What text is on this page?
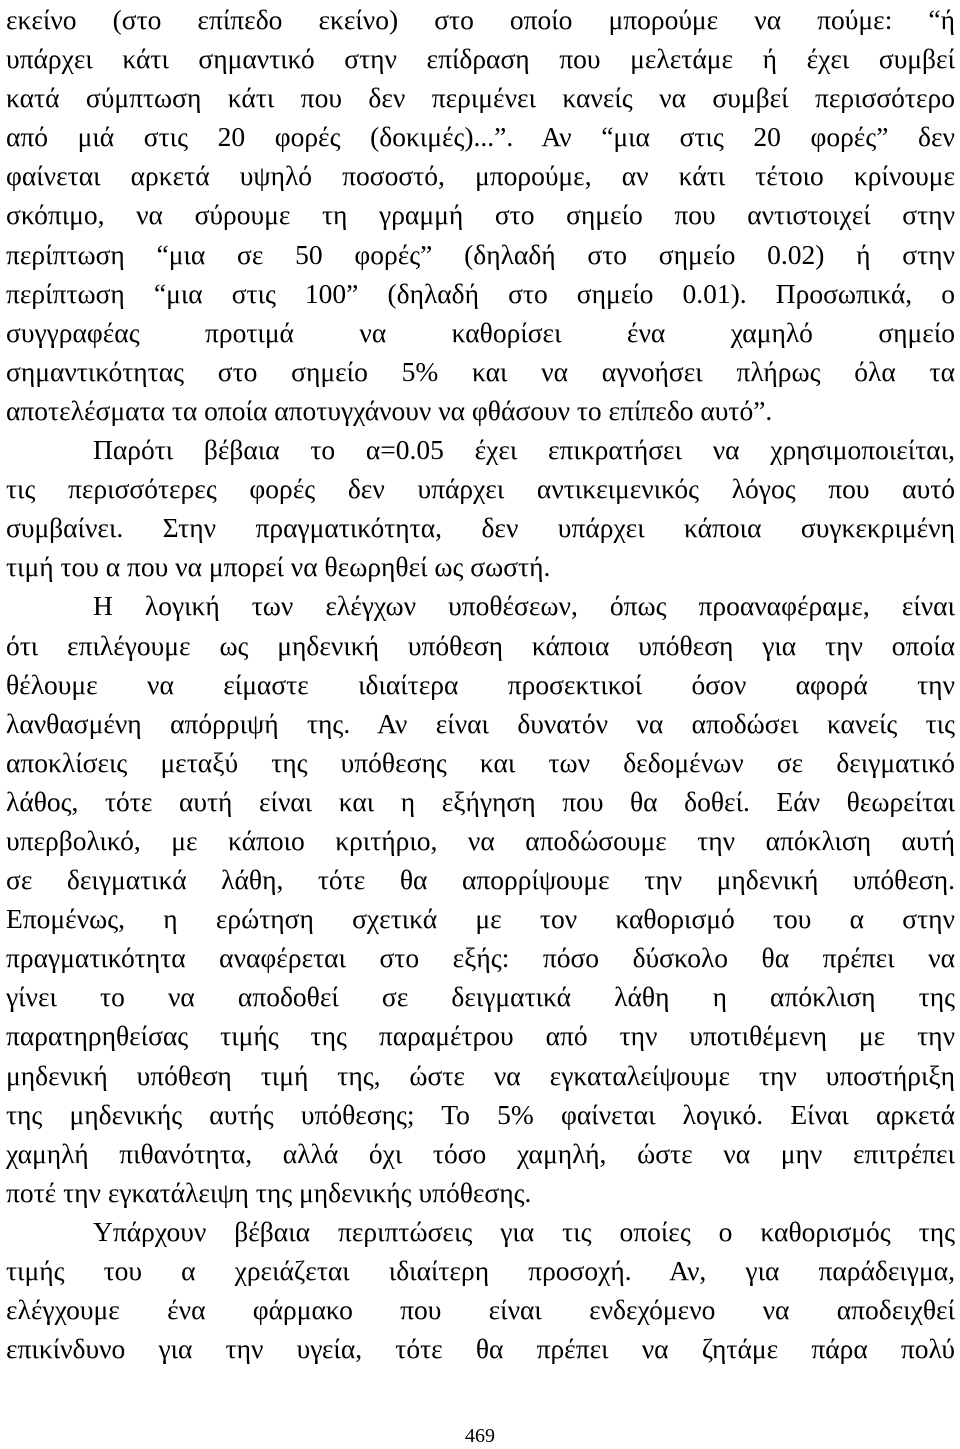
εκείνο (στο επίπεδο εκείνο) στο οποίο μπορούμε να πούμε: “ή
υπάρχει κάτι σημαντικό στην επίδραση που μελετάμε ή έχει συμβεί
κατά σύμπτωση κάτι που δεν περιμένει κανείς να συμβεί περισσότερο
από μιά στις 20 φορές (δοκιμές)...”. Αν “μια στις 20 φορές” δεν
φαίνεται αρκετά υψηλό ποσοστό, μπορούμε, αν κάτι τέτοιο κρίνουμε
σκόπιμο, να σύρουμε τη γραμμή στο σημείο που αντιστοιχεί στην
περίπτωση “μια σε 50 φορές” (δηλαδή στο σημείο 0.02) ή στην
περίπτωση “μια στις 100” (δηλαδή στο σημείο 0.01). Προσωπικά, ο
συγγραφέας προτιμά να καθορίσει ένα χαμηλό σημείο
σημαντικότητας στο σημείο 5% και να αγνοήσει πλήρως όλα τα
αποτελέσματα τα οποία αποτυγχάνουν να φθάσουν το επίπεδο αυτό”.
Παρότι βέβαια το α=0.05 έχει επικρατήσει να χρησιμοποιείται,
τις περισσότερες φορές δεν υπάρχει αντικειμενικός λόγος που αυτό
συμβαίνει. Στην πραγματικότητα, δεν υπάρχει κάποια συγκεκριμένη
τιμή του α που να μπορεί να θεωρηθεί ως σωστή.
Η λογική των ελέγχων υποθέσεων, όπως προαναφέραμε, είναι
ότι επιλέγουμε ως μηδενική υπόθεση κάποια υπόθεση για την οποία
θέλουμε να είμαστε ιδιαίτερα προσεκτικοί όσον αφορά την
λανθασμένη απόρριψή της. Αν είναι δυνατόν να αποδώσει κανείς τις
αποκλίσεις μεταξύ της υπόθεσης και των δεδομένων σε δειγματικό
λάθος, τότε αυτή είναι και η εξήγηση που θα δοθεί. Εάν θεωρείται
υπερβολικό, με κάποιο κριτήριο, να αποδώσουμε την απόκλιση αυτή
σε δειγματικά λάθη, τότε θα απορρίψουμε την μηδενική υπόθεση.
Επομένως, η ερώτηση σχετικά με τον καθορισμό του α στην
πραγματικότητα αναφέρεται στο εξής: πόσο δύσκολο θα πρέπει να
γίνει το να αποδοθεί σε δειγματικά λάθη η απόκλιση της
παρατηρηθείσας τιμής της παραμέτρου από την υποτιθέμενη με την
μηδενική υπόθεση τιμή της, ώστε να εγκαταλείψουμε την υποστήριξη
της μηδενικής αυτής υπόθεσης; Το 5% φαίνεται λογικό. Είναι αρκετά
χαμηλή πιθανότητα, αλλά όχι τόσο χαμηλή, ώστε να μην επιτρέπει
ποτέ την εγκατάλειψη της μηδενικής υπόθεσης.
Υπάρχουν βέβαια περιπτώσεις για τις οποίες ο καθορισμός της
τιμής του α χρειάζεται ιδιαίτερη προσοχή. Αν, για παράδειγμα,
ελέγχουμε ένα φάρμακο που είναι ενδεχόμενο να αποδειχθεί
επικίνδυνο για την υγεία, τότε θα πρέπει να ζητάμε πάρα πολύ
469
